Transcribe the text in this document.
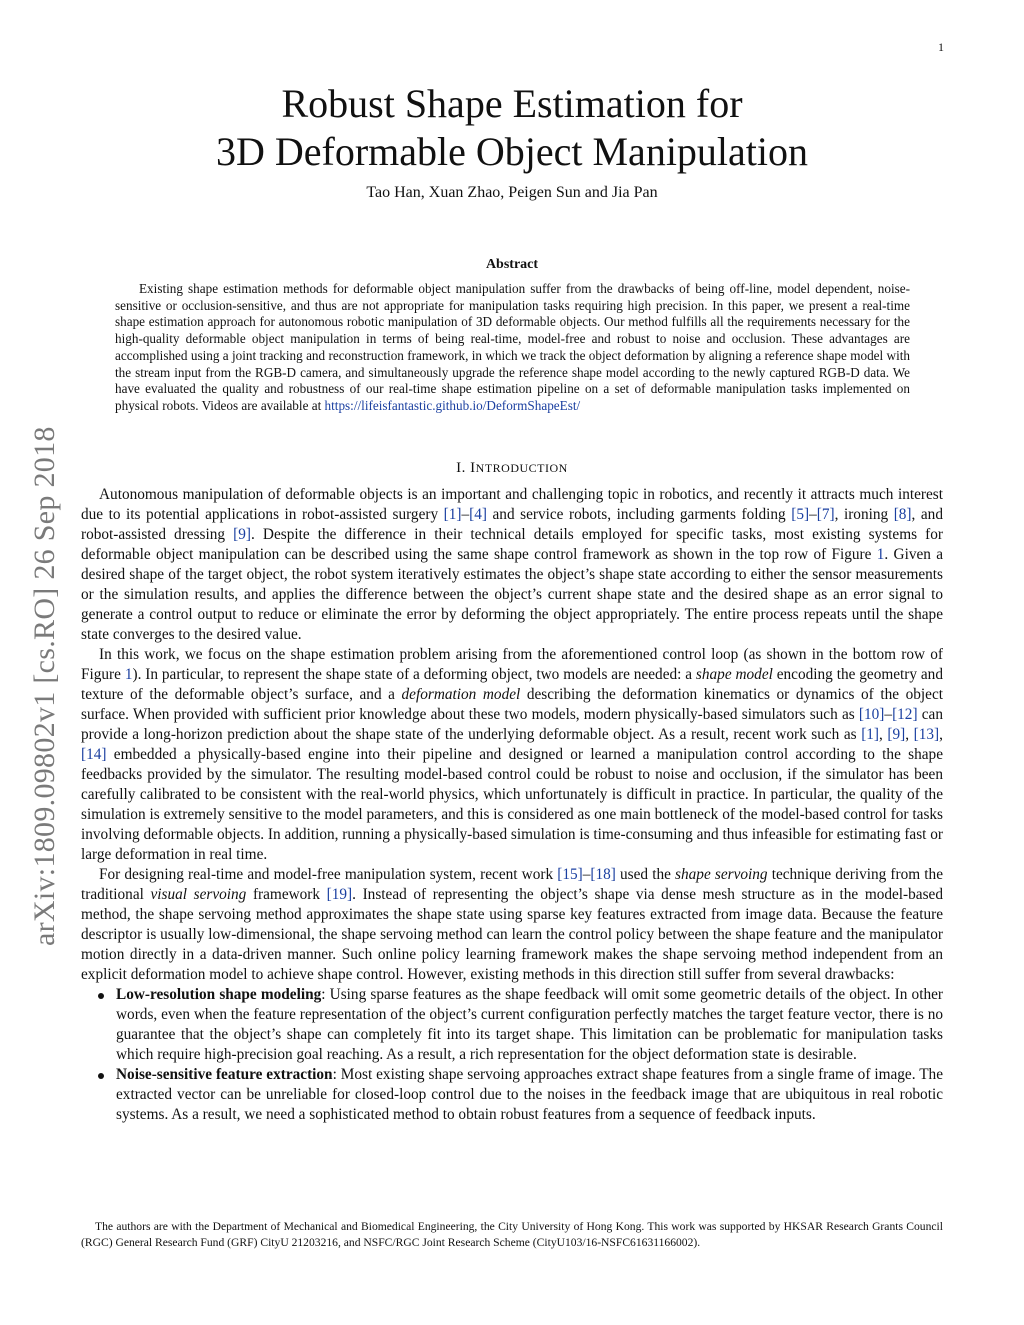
1
arXiv:1809.09802v1 [cs.RO] 26 Sep 2018
Robust Shape Estimation for
3D Deformable Object Manipulation
Tao Han, Xuan Zhao, Peigen Sun and Jia Pan
Abstract

Existing shape estimation methods for deformable object manipulation suffer from the drawbacks of being off-line, model dependent, noise-sensitive or occlusion-sensitive, and thus are not appropriate for manipulation tasks requiring high precision. In this paper, we present a real-time shape estimation approach for autonomous robotic manipulation of 3D deformable objects. Our method fulfills all the requirements necessary for the high-quality deformable object manipulation in terms of being real-time, model-free and robust to noise and occlusion. These advantages are accomplished using a joint tracking and reconstruction framework, in which we track the object deformation by aligning a reference shape model with the stream input from the RGB-D camera, and simultaneously upgrade the reference shape model according to the newly captured RGB-D data. We have evaluated the quality and robustness of our real-time shape estimation pipeline on a set of deformable manipulation tasks implemented on physical robots. Videos are available at https://lifeisfantastic.github.io/DeformShapeEst/

I. INTRODUCTION

Autonomous manipulation of deformable objects is an important and challenging topic in robotics, and recently it attracts much interest due to its potential applications in robot-assisted surgery [1]–[4] and service robots, including garments folding [5]–[7], ironing [8], and robot-assisted dressing [9]. Despite the difference in their technical details employed for specific tasks, most existing systems for deformable object manipulation can be described using the same shape control framework as shown in the top row of Figure 1. Given a desired shape of the target object, the robot system iteratively estimates the object’s shape state according to either the sensor measurements or the simulation results, and applies the difference between the object’s current shape state and the desired shape as an error signal to generate a control output to reduce or eliminate the error by deforming the object appropriately. The entire process repeats until the shape state converges to the desired value.

In this work, we focus on the shape estimation problem arising from the aforementioned control loop (as shown in the bottom row of Figure 1). In particular, to represent the shape state of a deforming object, two models are needed: a shape model encoding the geometry and texture of the deformable object’s surface, and a deformation model describing the deformation kinematics or dynamics of the object surface. When provided with sufficient prior knowledge about these two models, modern physically-based simulators such as [10]–[12] can provide a long-horizon prediction about the shape state of the underlying deformable object. As a result, recent work such as [1], [9], [13], [14] embedded a physically-based engine into their pipeline and designed or learned a manipulation control according to the shape feedbacks provided by the simulator. The resulting model-based control could be robust to noise and occlusion, if the simulator has been carefully calibrated to be consistent with the real-world physics, which unfortunately is difficult in practice. In particular, the quality of the simulation is extremely sensitive to the model parameters, and this is considered as one main bottleneck of the model-based control for tasks involving deformable objects. In addition, running a physically-based simulation is time-consuming and thus infeasible for estimating fast or large deformation in real time.

For designing real-time and model-free manipulation system, recent work [15]–[18] used the shape servoing technique deriving from the traditional visual servoing framework [19]. Instead of representing the object’s shape via dense mesh structure as in the model-based method, the shape servoing method approximates the shape state using sparse key features extracted from image data. Because the feature descriptor is usually low-dimensional, the shape servoing method can learn the control policy between the shape feature and the manipulator motion directly in a data-driven manner. Such online policy learning framework makes the shape servoing method independent from an explicit deformation model to achieve shape control. However, existing methods in this direction still suffer from several drawbacks:

Low-resolution shape modeling: Using sparse features as the shape feedback will omit some geometric details of the object. In other words, even when the feature representation of the object’s current configuration perfectly matches the target feature vector, there is no guarantee that the object’s shape can completely fit into its target shape. This limitation can be problematic for manipulation tasks which require high-precision goal reaching. As a result, a rich representation for the object deformation state is desirable.
Noise-sensitive feature extraction: Most existing shape servoing approaches extract shape features from a single frame of image. The extracted vector can be unreliable for closed-loop control due to the noises in the feedback image that are ubiquitous in real robotic systems. As a result, we need a sophisticated method to obtain robust features from a sequence of feedback inputs.

The authors are with the Department of Mechanical and Biomedical Engineering, the City University of Hong Kong. This work was supported by HKSAR Research Grants Council (RGC) General Research Fund (GRF) CityU 21203216, and NSFC/RGC Joint Research Scheme (CityU103/16-NSFC61631166002).
